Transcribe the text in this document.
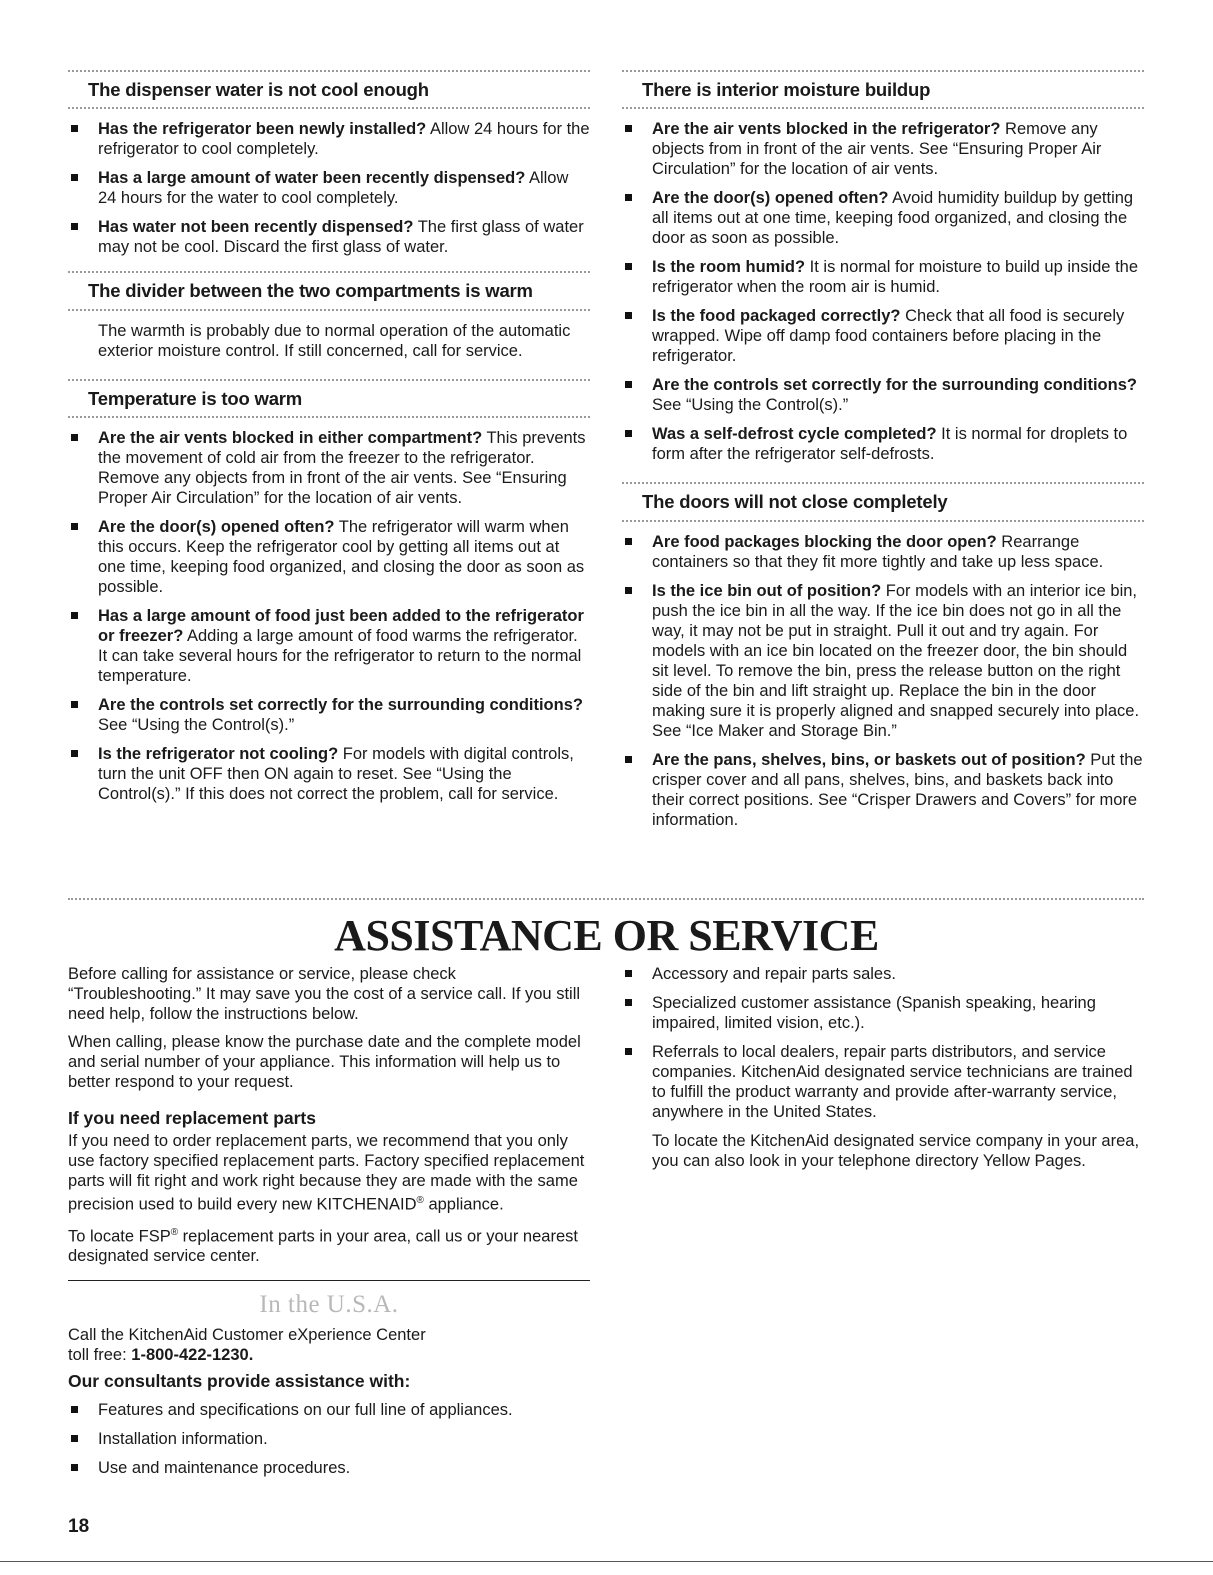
The dispenser water is not cool enough
Has the refrigerator been newly installed? Allow 24 hours for the refrigerator to cool completely.
Has a large amount of water been recently dispensed? Allow 24 hours for the water to cool completely.
Has water not been recently dispensed? The first glass of water may not be cool. Discard the first glass of water.
The divider between the two compartments is warm

The warmth is probably due to normal operation of the automatic exterior moisture control. If still concerned, call for service.

Temperature is too warm
Are the air vents blocked in either compartment? This prevents the movement of cold air from the freezer to the refrigerator. Remove any objects from in front of the air vents. See “Ensuring Proper Air Circulation” for the location of air vents.
Are the door(s) opened often? The refrigerator will warm when this occurs. Keep the refrigerator cool by getting all items out at one time, keeping food organized, and closing the door as soon as possible.
Has a large amount of food just been added to the refrigerator or freezer? Adding a large amount of food warms the refrigerator. It can take several hours for the refrigerator to return to the normal temperature.
Are the controls set correctly for the surrounding conditions? See “Using the Control(s).”
Is the refrigerator not cooling? For models with digital controls, turn the unit OFF then ON again to reset. See “Using the Control(s).” If this does not correct the problem, call for service.
There is interior moisture buildup
Are the air vents blocked in the refrigerator? Remove any objects from in front of the air vents. See “Ensuring Proper Air Circulation” for the location of air vents.
Are the door(s) opened often? Avoid humidity buildup by getting all items out at one time, keeping food organized, and closing the door as soon as possible.
Is the room humid? It is normal for moisture to build up inside the refrigerator when the room air is humid.
Is the food packaged correctly? Check that all food is securely wrapped. Wipe off damp food containers before placing in the refrigerator.
Are the controls set correctly for the surrounding conditions? See “Using the Control(s).”
Was a self-defrost cycle completed? It is normal for droplets to form after the refrigerator self-defrosts.
The doors will not close completely
Are food packages blocking the door open? Rearrange containers so that they fit more tightly and take up less space.
Is the ice bin out of position? For models with an interior ice bin, push the ice bin in all the way. If the ice bin does not go in all the way, it may not be put in straight. Pull it out and try again. For models with an ice bin located on the freezer door, the bin should sit level. To remove the bin, press the release button on the right side of the bin and lift straight up. Replace the bin in the door making sure it is properly aligned and snapped securely into place. See “Ice Maker and Storage Bin.”
Are the pans, shelves, bins, or baskets out of position? Put the crisper cover and all pans, shelves, bins, and baskets back into their correct positions. See “Crisper Drawers and Covers” for more information.
ASSISTANCE OR SERVICE

Before calling for assistance or service, please check “Troubleshooting.” It may save you the cost of a service call. If you still need help, follow the instructions below.

When calling, please know the purchase date and the complete model and serial number of your appliance. This information will help us to better respond to your request.

If you need replacement parts

If you need to order replacement parts, we recommend that you only use factory specified replacement parts. Factory specified replacement parts will fit right and work right because they are made with the same precision used to build every new KITCHENAID® appliance.

To locate FSP® replacement parts in your area, call us or your nearest designated service center.

In the U.S.A.

Call the KitchenAid Customer eXperience Center
toll free: 1-800-422-1230.

Our consultants provide assistance with:
Features and specifications on our full line of appliances.
Installation information.
Use and maintenance procedures.
Accessory and repair parts sales.
Specialized customer assistance (Spanish speaking, hearing impaired, limited vision, etc.).
Referrals to local dealers, repair parts distributors, and service companies. KitchenAid designated service technicians are trained to fulfill the product warranty and provide after-warranty service, anywhere in the United States.

To locate the KitchenAid designated service company in your area, you can also look in your telephone directory Yellow Pages.

18
